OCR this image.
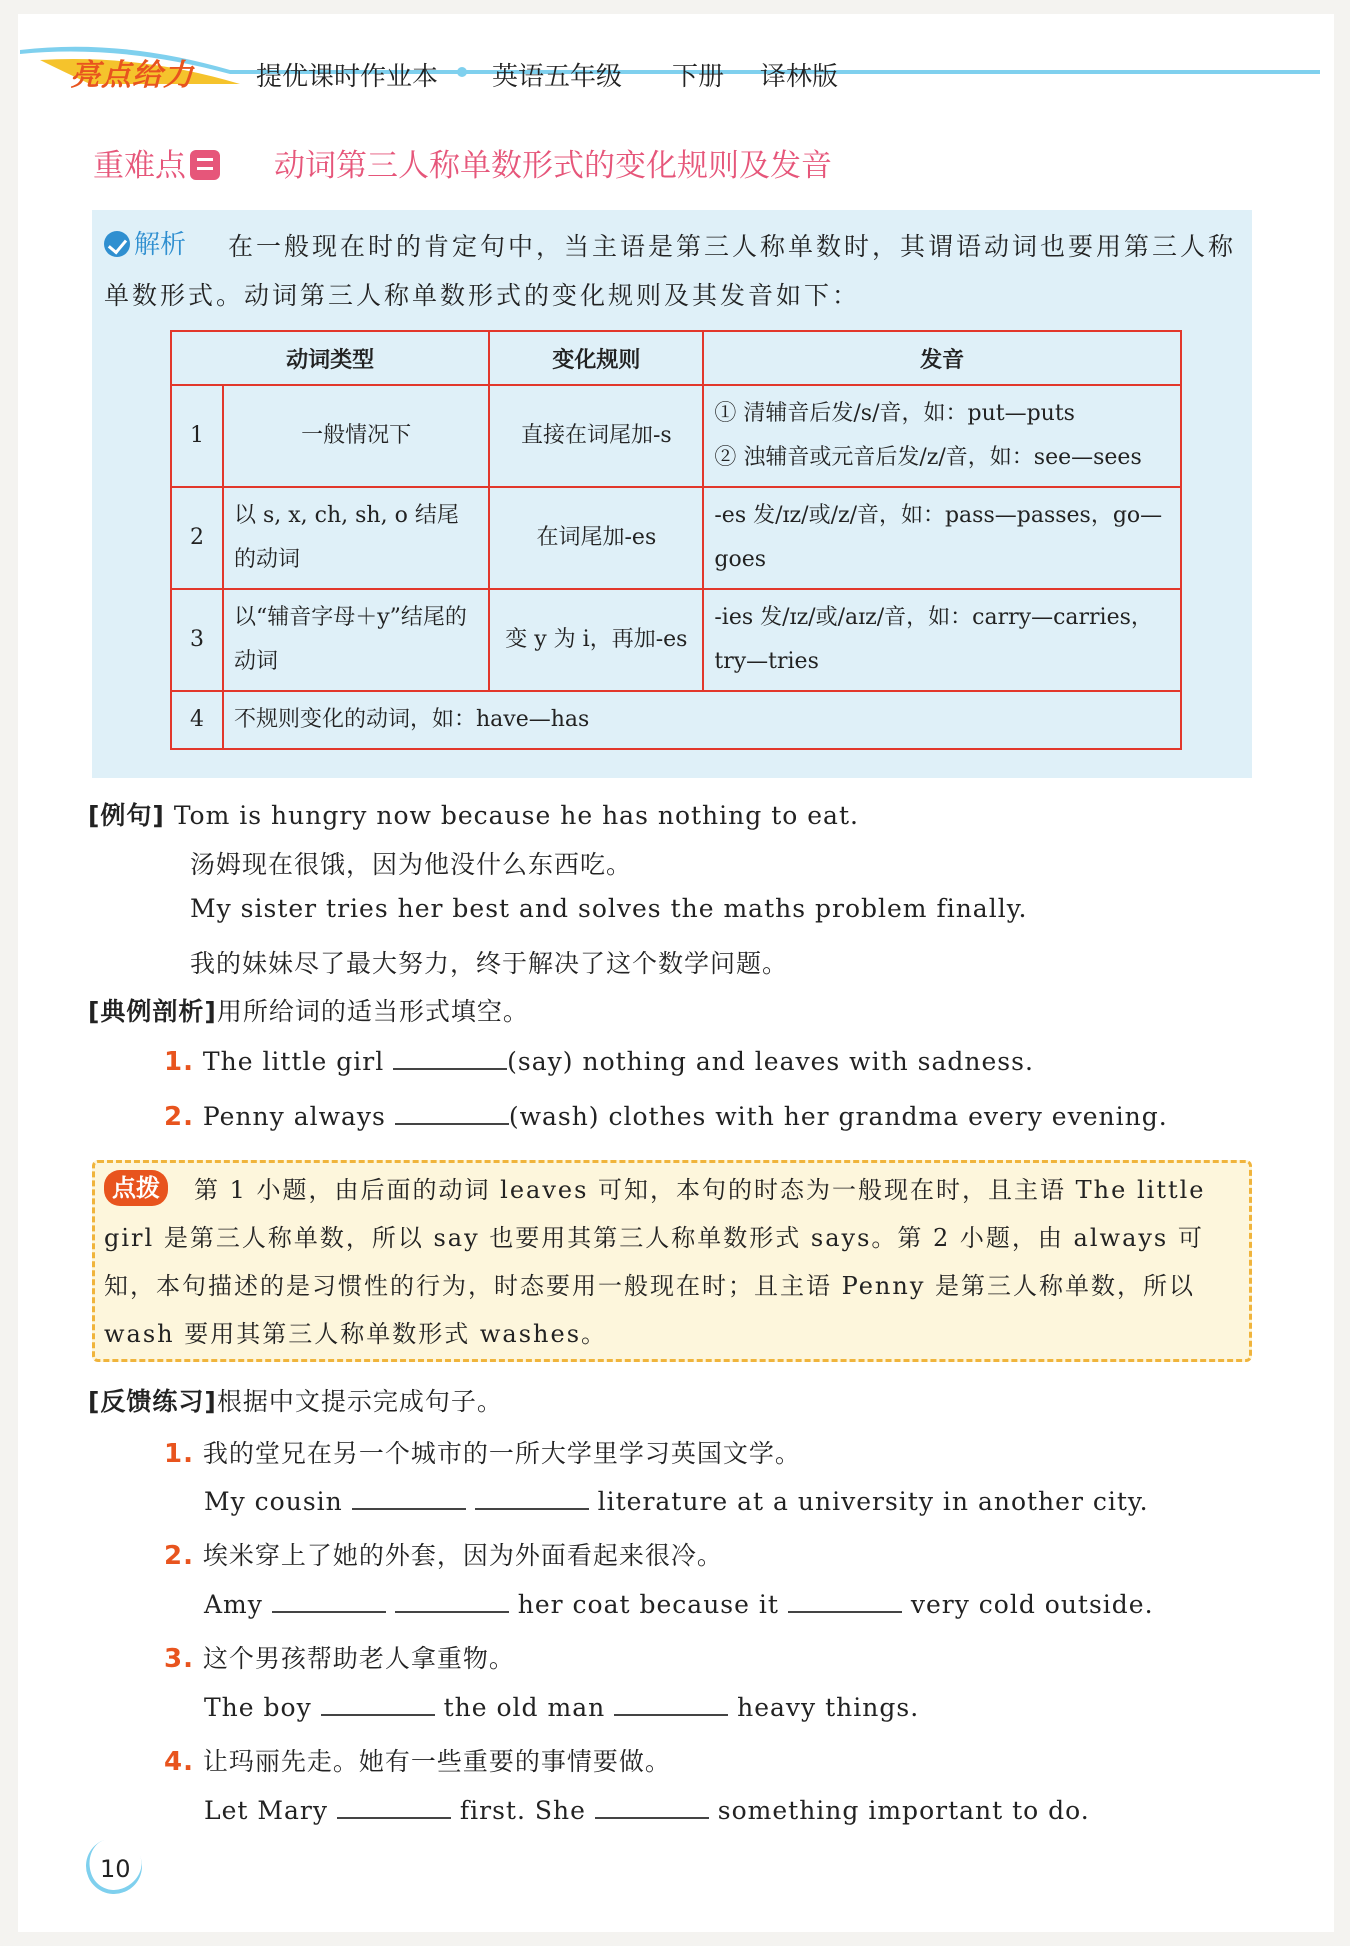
亮点给力 提优课时作业本 英语五年级 下册 译林版
重难点	动词第三人称单数形式的变化规则及发音
解析	在一般现在时的肯定句中，当主语是第三人称单数时，其谓语动词也要用第三人称单数形式。动词第三人称单数形式的变化规则及其发音如下：
动词类型		变化规则	发音
1	一般情况下	直接在词尾加-s	① 清辅音后发/s/音，如：put—puts
② 浊辅音或元音后发/z/音，如：see—sees

2	以 s, x, ch, sh, o 结尾的动词	在词尾加-es	-es 发/ɪz/或/z/音，如：pass—passes，go—goes
3	以“辅音字母＋y”结尾的动词	变 y 为 i，再加-es	-ies 发/ɪz/或/aɪz/音，如：carry—carries，try—tries
4	不规则变化的动词，如：have—has		
[例句] Tom is hungry now because he has nothing to eat.
汤姆现在很饿，因为他没什么东西吃。
My sister tries her best and solves the maths problem finally.
我的妹妹尽了最大努力，终于解决了这个数学问题。
[典例剖析]用所给词的适当形式填空。
1. The little girl	(say) nothing and leaves with sadness.
2. Penny always	(wash) clothes with her grandma every evening.
第 1 小题，由后面的动词 leaves 可知，本句的时态为一般现在时，且主语 The little girl 是第三人称单数，所以 say 也要用其第三人称单数形式 says。第 2 小题，由 always 可知，本句描述的是习惯性的行为，时态要用一般现在时；且主语 Penny 是第三人称单数，所以 wash 要用其第三人称单数形式 washes。
点拨
[反馈练习]根据中文提示完成句子。
1. 我的堂兄在另一个城市的一所大学里学习英国文学。
My cousin	literature at a university in another city.
2. 埃米穿上了她的外套，因为外面看起来很冷。
Amy	her coat because it	very cold outside.
3. 这个男孩帮助老人拿重物。
The boy	the old man	heavy things.
4. 让玛丽先走。她有一些重要的事情要做。
Let Mary	first. She	something important to do.
10
